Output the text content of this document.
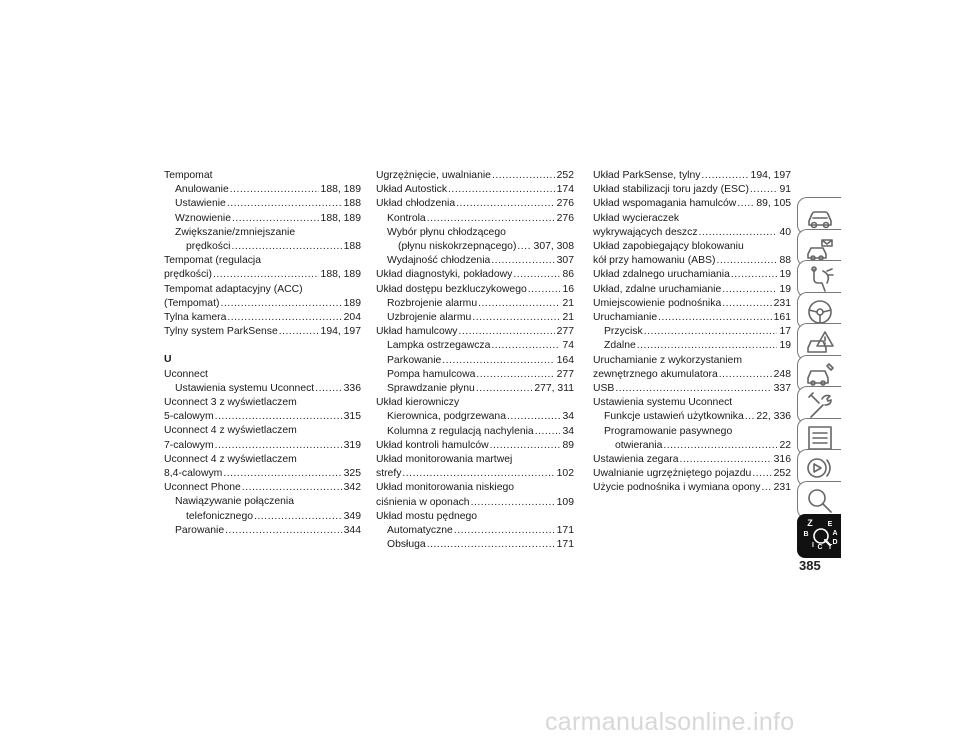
Tempomat
Anulowanie .....	188, 189
Ustawienie .....	188
Wznowienie .....	188, 189
Zwiększanie/zmniejszanie
prędkości .....	188
Tempomat (regulacja
prędkości) .....	188, 189
Tempomat adaptacyjny (ACC)
(Tempomat) .....	189
Tylna kamera .....	204
Tylny system ParkSense .....	194, 197
U
Uconnect
Ustawienia systemu Uconnect .....	336
Uconnect 3 z wyświetlaczem
5-calowym .....	315
Uconnect 4 z wyświetlaczem
7-calowym .....	319
Uconnect 4 z wyświetlaczem
8,4-calowym .....	325
Uconnect Phone .....	342
Nawiązywanie połączenia
telefonicznego .....	349
Parowanie .....	344
Ugrzężnięcie, uwalnianie .....	252
Układ Autostick .....	174
Układ chłodzenia .....	276
Kontrola .....	276
Wybór płynu chłodzącego
(płynu niskokrzepnącego) ..... 307, 308
Wydajność chłodzenia .....	307
Układ diagnostyki, pokładowy .....	86
Układ dostępu bezkluczykowego .....	16
Rozbrojenie alarmu .....	21
Uzbrojenie alarmu .....	21
Układ hamulcowy .....	277
Lampka ostrzegawcza .....	74
Parkowanie .....	164
Pompa hamulcowa .....	277
Sprawdzanie płynu .....	277, 311
Układ kierowniczy
Kierownica, podgrzewana .....	34
Kolumna z regulacją nachylenia .....	34
Układ kontroli hamulców .....	89
Układ monitorowania martwej
strefy .....	102
Układ monitorowania niskiego
ciśnienia w oponach .....	109
Układ mostu pędnego
Automatyczne .....	171
Obsługa .....	171
Układ ParkSense, tylny .....	194, 197
Układ stabilizacji toru jazdy (ESC) .....	91
Układ wspomagania hamulców ..... 89, 105
Układ wycieraczek
wykrywających deszcz .....	40
Układ zapobiegający blokowaniu
kół przy hamowaniu (ABS) .....	88
Układ zdalnego uruchamiania .....	19
Układ, zdalne uruchamianie .....	19
Umiejscowienie podnośnika .....	231
Uruchamianie .....	161
Przycisk .....	17
Zdalne .....	19
Uruchamianie z wykorzystaniem
zewnętrznego akumulatora .....	248
USB .....	337
Ustawienia systemu Uconnect
Funkcje ustawień użytkownika ..... 22, 336
Programowanie pasywnego
otwierania .....	22
Ustawienia zegara .....	316
Uwalnianie ugrzężniętego pojazdu ..... 252
Użycie podnośnika i wymiana opony ..... 231
Z E
B	A
I C T
D
385
carmanualsonline.info
